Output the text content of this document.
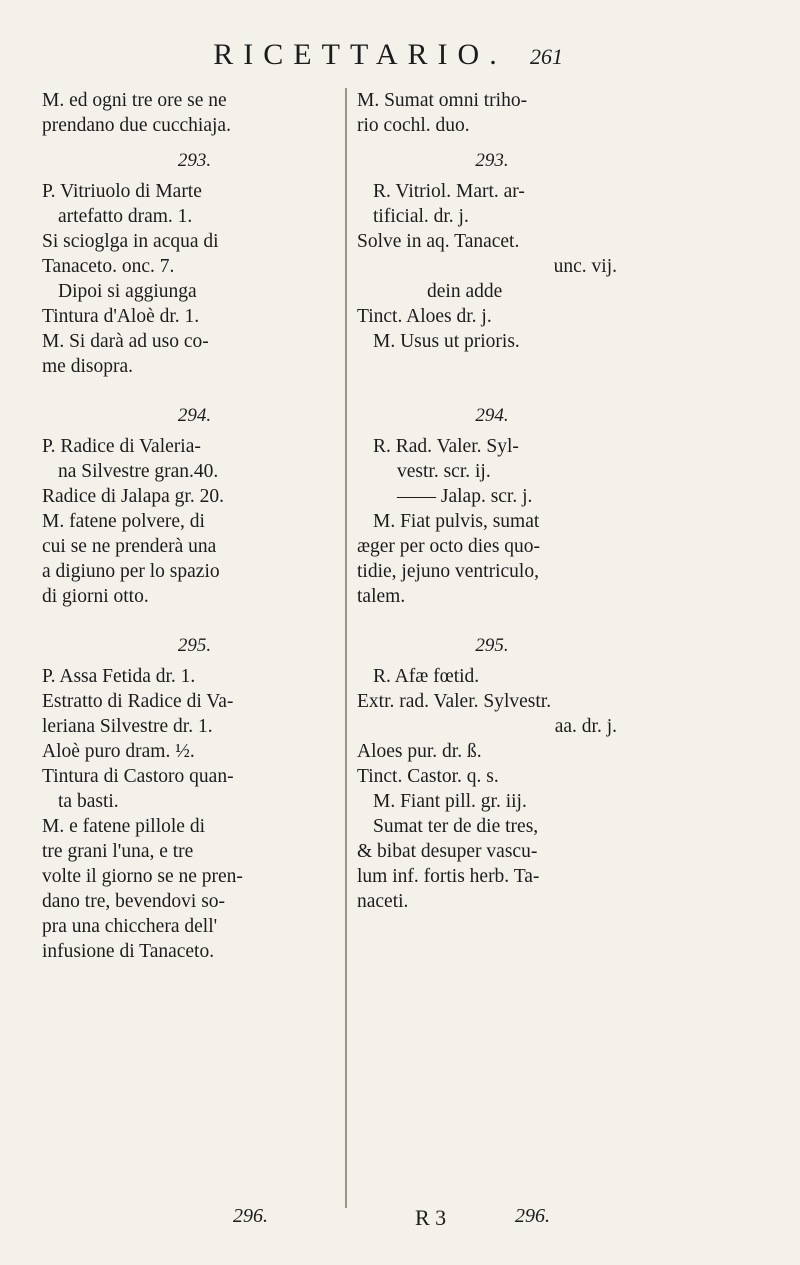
RICETTARIO.	261

M. ed ogni tre ore se ne

prendano due cucchiaja.

293.

P. Vitriuolo di Marte

artefatto dram. 1.

Si scioglga in acqua di

Tanaceto. onc. 7.

Dipoi si aggiunga

Tintura d'Aloè dr. 1.

M. Si darà ad uso co-

me disopra.

294.

P. Radice di Valeria-

na Silvestre gran.40.

Radice di Jalapa gr. 20.

M. fatene polvere, di

cui se ne prenderà una

a digiuno per lo spazio

di giorni otto.

295.

P. Assa Fetida dr. 1.

Estratto di Radice di Va-

leriana Silvestre dr. 1.

Aloè puro dram. ½.

Tintura di Castoro quan-

ta basti.

M. e fatene pillole di

tre grani l'una, e tre

volte il giorno se ne pren-

dano tre, bevendovi so-

pra una chicchera dell'

infusione di Tanaceto.

M. Sumat omni triho-

rio cochl. duo.

293.

R. Vitriol. Mart. ar-

tificial. dr. j.

Solve in aq. Tanacet.

unc. vij.

dein adde

Tinct. Aloes dr. j.

M. Usus ut prioris.

294.

R. Rad. Valer. Syl-

vestr. scr. ij.

—— Jalap. scr. j.

M. Fiat pulvis, sumat

æger per octo dies quo-

tidie, jejuno ventriculo,

talem.

295.

R. Afæ fœtid.

Extr. rad. Valer. Sylvestr.

aa. dr. j.

Aloes pur. dr. ß.

Tinct. Castor. q. s.

M. Fiant pill. gr. iij.

Sumat ter de die tres,

& bibat desuper vascu-

lum inf. fortis herb. Ta-

naceti.

296.	R 3	296.
